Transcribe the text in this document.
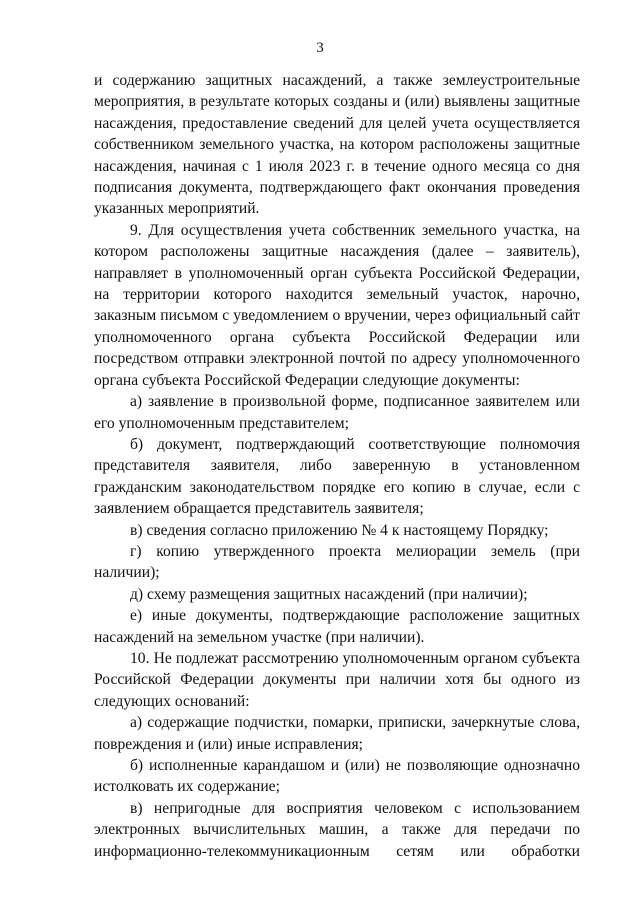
3

и содержанию защитных насаждений, а также землеустроительные мероприятия, в результате которых созданы и (или) выявлены защитные насаждения, предоставление сведений для целей учета осуществляется собственником земельного участка, на котором расположены защитные насаждения, начиная с 1 июля 2023 г. в течение одного месяца со дня подписания документа, подтверждающего факт окончания проведения указанных мероприятий.

9. Для осуществления учета собственник земельного участка, на котором расположены защитные насаждения (далее – заявитель), направляет в уполномоченный орган субъекта Российской Федерации, на территории которого находится земельный участок, нарочно, заказным письмом с уведомлением о вручении, через официальный сайт уполномоченного органа субъекта Российской Федерации или посредством отправки электронной почтой по адресу уполномоченного органа субъекта Российской Федерации следующие документы:

а) заявление в произвольной форме, подписанное заявителем или его уполномоченным представителем;

б) документ, подтверждающий соответствующие полномочия представителя заявителя, либо заверенную в установленном гражданским законодательством порядке его копию в случае, если с заявлением обращается представитель заявителя;

в) сведения согласно приложению № 4 к настоящему Порядку;

г) копию утвержденного проекта мелиорации земель (при наличии);

д) схему размещения защитных насаждений (при наличии);

е) иные документы, подтверждающие расположение защитных насаждений на земельном участке (при наличии).

10. Не подлежат рассмотрению уполномоченным органом субъекта Российской Федерации документы при наличии хотя бы одного из следующих оснований:

а) содержащие подчистки, помарки, приписки, зачеркнутые слова, повреждения и (или) иные исправления;

б) исполненные карандашом и (или) не позволяющие однозначно истолковать их содержание;

в) непригодные для восприятия человеком с использованием электронных вычислительных машин, а также для передачи по информационно-телекоммуникационным сетям или обработки
